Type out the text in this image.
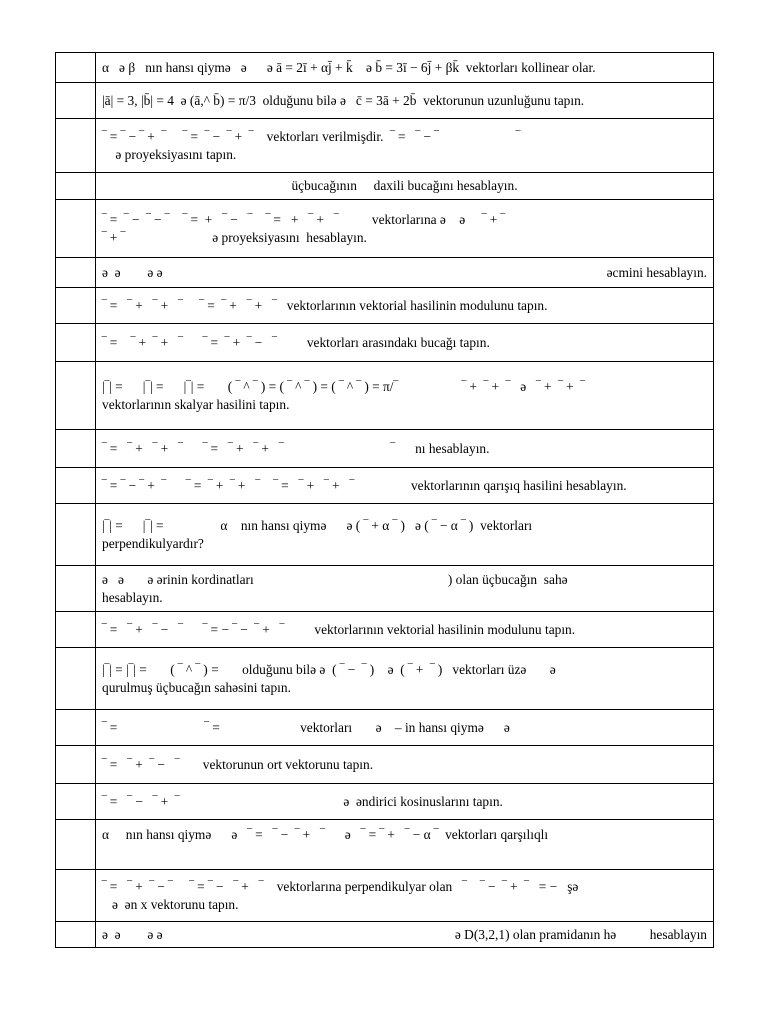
	α   ə β   nın hansı qiymə   ə      ə ā = 2ī + αj̄ + k̄    ə b̄ = 3ī − 6j̄ + βk̄  vektorları kollinear olar.
	|ā| = 3, |b̄| = 4  ə (ā,^ b̄) = π/3  olduğunu bilə ə   c̄ = 3ā + 2b̄  vektorunun uzunluğunu tapın.

	‾ = ‾ − ‾ +  ‾     ‾ =  ‾ −  ‾ +  ‾    vektorları verilmişdir.  ‾ =   ‾ − ‾                       ‾
ə proyeksiyasını tapın.

	üçbucağının     daxili bucağını hesablayın.

	‾ =  ‾ −  ‾ − ‾    ‾ =  +   ‾ −   ‾    ‾ =   +   ‾ +   ‾          vektorlarına ə    ə     ‾ + ‾
‾ + ‾                          ə proyeksiyasını  hesablayın.

	ə  ə        ə ə əcmini hesablayın.

	‾ =   ‾ +   ‾ +   ‾     ‾ =  ‾ +   ‾ +   ‾   vektorlarının vektorial hasilinin modulunu tapın.
	‾ =    ‾ +  ‾ +   ‾      ‾ =  ‾ +  ‾ −   ‾         vektorları arasındakı bucağı tapın.

	|‾| =      |‾| =      |‾| =       ( ‾ ^ ‾ ) = ( ‾ ^ ‾ ) = ( ‾ ^ ‾ ) = π/‾                   ‾ +  ‾ +  ‾   ə   ‾ +  ‾ +  ‾
vektorlarının skalyar hasilini tapın.

	‾ =   ‾ +   ‾ +   ‾      ‾ =   ‾ +   ‾ +   ‾                                ‾      nı hesablayın.
	‾ = ‾ − ‾ +  ‾      ‾ =  ‾ +  ‾ +   ‾    ‾ =   ‾ +   ‾ +   ‾                 vektorlarının qarışıq hasilini hesablayın.

	|‾| =      |‾| =                 α    nın hansı qiymə      ə ( ‾ + α ‾ )   ə ( ‾ − α ‾ )  vektorları
perpendikulyardır?

	ə   ə       ə ərinin kordinatları                                                          ) olan üçbucağın  sahə
hesablayın.

	‾ =   ‾ +   ‾ −   ‾      ‾ = − ‾ −  ‾ +   ‾         vektorlarının vektorial hasilinin modulunu tapın.

	|‾| = |‾| =       ( ‾ ^ ‾ ) =       olduğunu bilə ə  ( ‾ −  ‾ )    ə  ( ‾ +  ‾ )   vektorları üzə       ə
qurulmuş üçbucağın sahəsini tapın.

	‾ =                          ‾ =                        vektorları       ə    – in hansı qiymə      ə
	‾ =   ‾ +  ‾ −   ‾       vektorunun ort vektorunu tapın.
	‾ =   ‾ −   ‾ +  ‾                                                 ə  əndirici kosinuslarını tapın.
	α     nın hansı qiymə      ə   ‾ =   ‾ −  ‾ +   ‾      ə   ‾ = ‾ +   ‾ − α ‾  vektorları qarşılıqlı

	‾ =   ‾ +  ‾ − ‾     ‾ = ‾ −   ‾ +   ‾    vektorlarına perpendikulyar olan   ‾    ‾ −  ‾ +  ‾   = −   şə
ə  ən x vektorunu tapın.

	ə  ə        ə ə ə D(3,2,1) olan pramidanın hə          hesablayın
